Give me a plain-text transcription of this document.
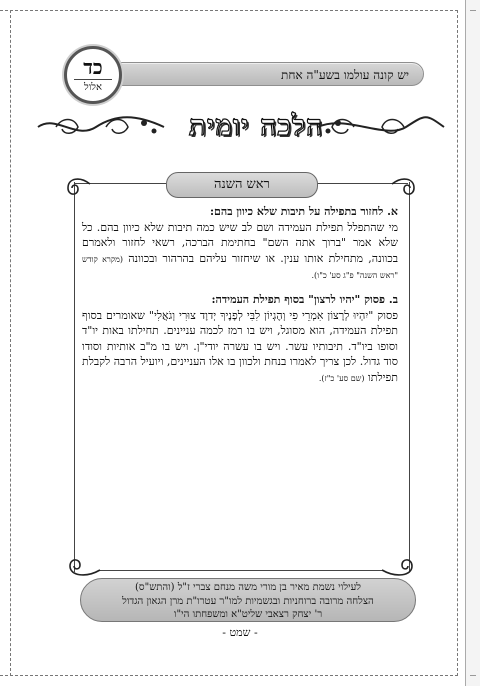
יש קונה עולמו בשע"ה אחת
כד
אלול
הלכה יומית
ראש השנה
א. לחזור בתפילה על תיבות שלא כיוון בהם:
מי שהתפלל תפילת העמידה ושם לב שיש כמה תיבות שלא כיוון בהם. כל שלא אמר "ברוך אתה השם" בחתימת הברכה, רשאי לחזור ולאמרם בכוונה, מתחילת אותו ענין. או שיחזור עליהם בהרהור ובכוונה (מקרא קודש "ראש השנה" פ"ג סע' כ"ו).
ב. פסוק "יהיו לרצון" בסוף תפילת העמידה:
פסוק "יִהְיוּ לְרָצוֹן אִמְרֵי פִי וְהֶגְיוֹן לִבִּי לְפָנֶיךָ יְדוָד צוּרִי וְגֹאֲלִי" שאומרים בסוף תפילת העמידה, הוא מסוגל, ויש בו רמז לכמה עניינים. תחילתו באות יו"ד וסופו ביו"ד. תיבותיו עשר. ויש בו עשרה יודי"ן. ויש בו מ"ב אותיות וסודו סוד גדול. לכן צריך לאמרו בנחת ולכוון בו אלו העניינים, ויועיל הרבה לקבלת תפילתו (שם סע' כ"ז).
לעילוי נשמת מאיר בן מורי משה מנחם צברי ז"ל (והתש"ס)
הצלחה מרובה ברוחניות ובגשמיות למו"ר עטרו"ת מרן הגאון הגדול
ר' יצחק רצאבי שליט"א ומשפחתו הי"ו
- שמט -
